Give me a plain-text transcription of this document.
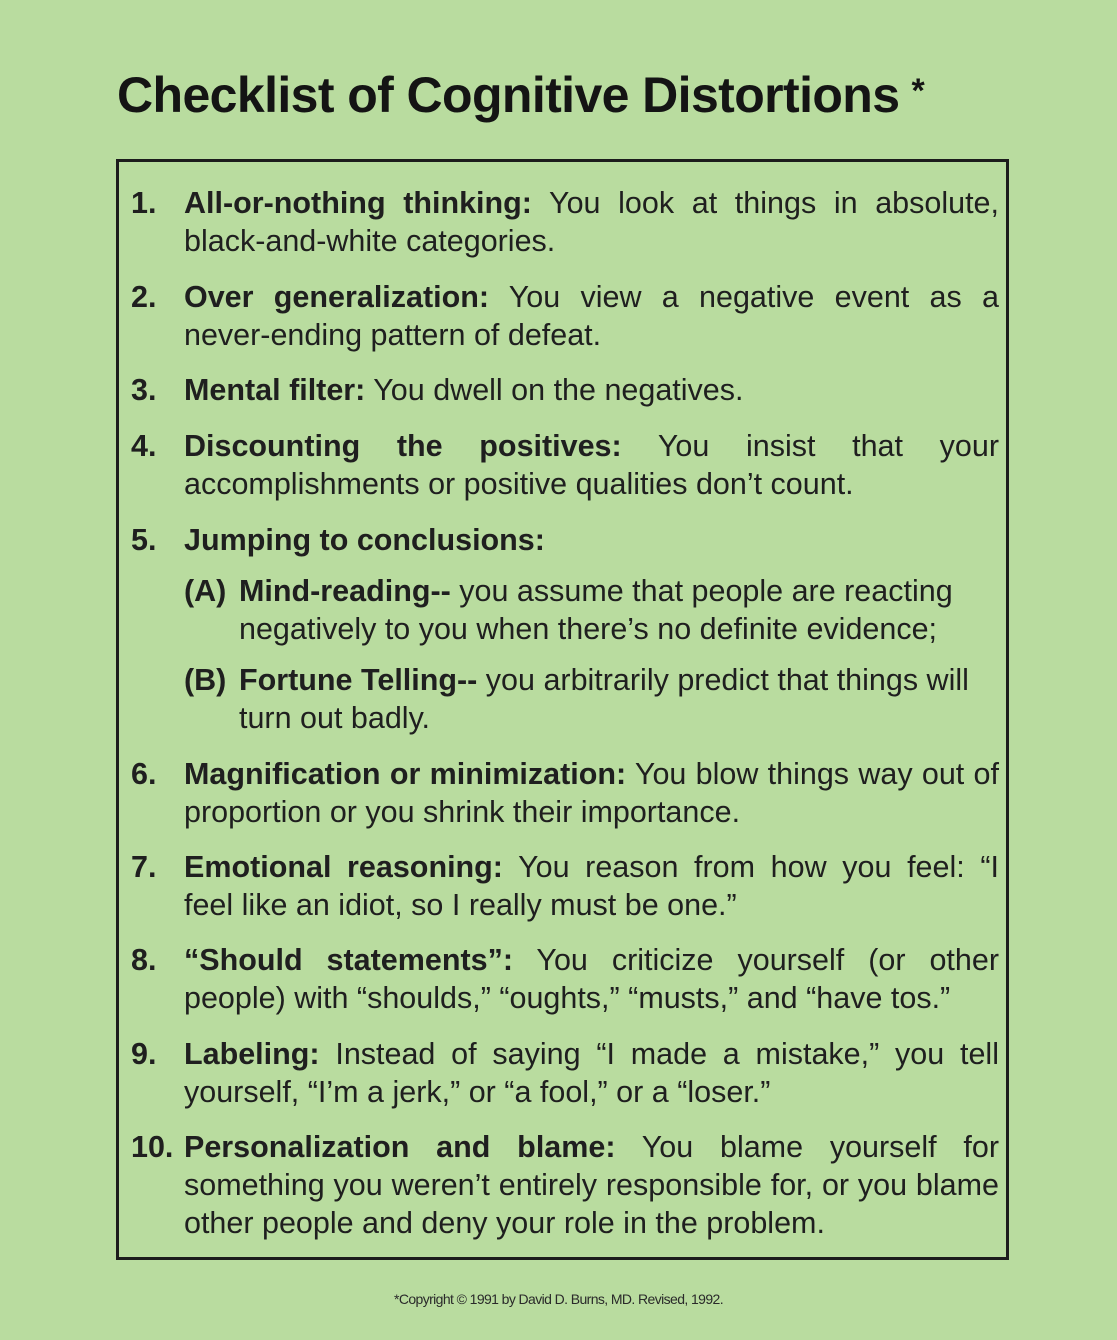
Checklist of Cognitive Distortions *
1. All-or-nothing thinking: You look at things in absolute, black-and-white categories.
2. Over generalization: You view a negative event as a never-ending pattern of defeat.
3. Mental filter: You dwell on the negatives.
4. Discounting the positives: You insist that your accomplishments or positive qualities don’t count.
5. Jumping to conclusions:
(A) Mind-reading-- you assume that people are reacting negatively to you when there’s no definite evidence;
(B) Fortune Telling-- you arbitrarily predict that things will turn out badly.
6. Magnification or minimization: You blow things way out of proportion or you shrink their importance.
7. Emotional reasoning: You reason from how you feel: “I feel like an idiot, so I really must be one.”
8. “Should statements”: You criticize yourself (or other people) with “shoulds,” “oughts,” “musts,” and “have tos.”
9. Labeling: Instead of saying “I made a mistake,” you tell yourself, “I’m a jerk,” or “a fool,” or a “loser.”
10. Personalization and blame: You blame yourself for something you weren’t entirely responsible for, or you blame other people and deny your role in the problem.
*Copyright © 1991 by David D. Burns, MD. Revised, 1992.
